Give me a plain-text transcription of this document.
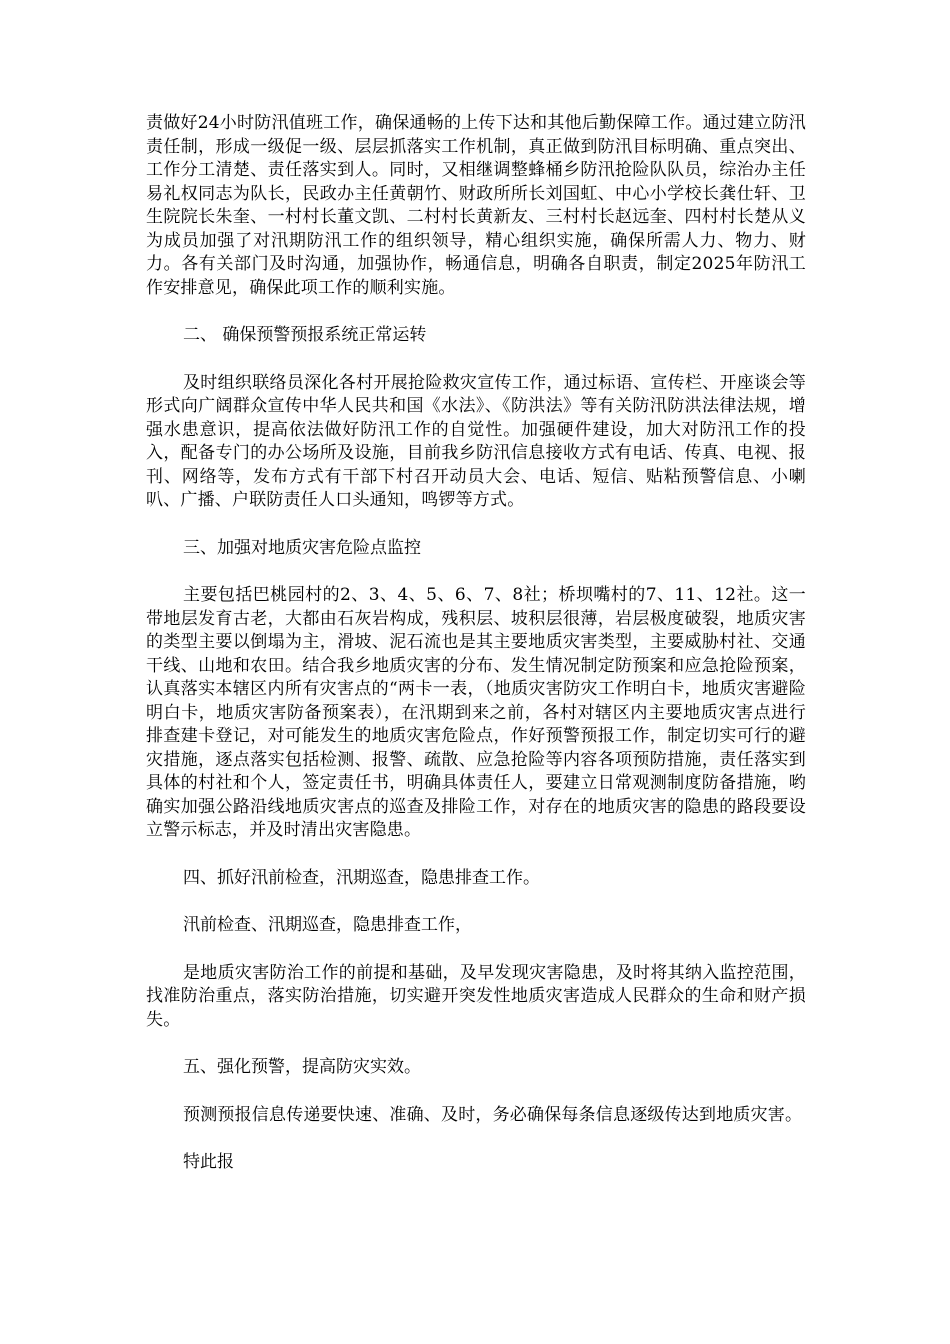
责做好24小时防汛值班工作，确保通畅的上传下达和其他后勤保障工作。通过建立防汛责任制，形成一级促一级、层层抓落实工作机制，真正做到防汛目标明确、重点突出、工作分工清楚、责任落实到人。同时，又相继调整蜂桶乡防汛抢险队队员，综治办主任易礼权同志为队长，民政办主任黄朝竹、财政所所长刘国虹、中心小学校长龚仕轩、卫生院院长朱奎、一村村长董文凯、二村村长黄新友、三村村长赵远奎、四村村长楚从义为成员加强了对汛期防汛工作的组织领导，精心组织实施，确保所需人力、物力、财力。各有关部门及时沟通，加强协作，畅通信息，明确各自职责，制定2025年防汛工作安排意见，确保此项工作的顺利实施。

二、 确保预警预报系统正常运转

及时组织联络员深化各村开展抢险救灾宣传工作，通过标语、宣传栏、开座谈会等形式向广阔群众宣传中华人民共和国《水法》、《防洪法》等有关防汛防洪法律法规，增强水患意识，提高依法做好防汛工作的自觉性。加强硬件建设，加大对防汛工作的投入，配备专门的办公场所及设施，目前我乡防汛信息接收方式有电话、传真、电视、报刊、网络等，发布方式有干部下村召开动员大会、电话、短信、贴粘预警信息、小喇叭、广播、户联防责任人口头通知，鸣锣等方式。

三、加强对地质灾害危险点监控

主要包括巴桃园村的2、3、4、5、6、7、8社；桥坝嘴村的7、11、12社。这一带地层发育古老，大都由石灰岩构成，残积层、坡积层很薄，岩层极度破裂，地质灾害的类型主要以倒塌为主，滑坡、泥石流也是其主要地质灾害类型，主要威胁村社、交通干线、山地和农田。结合我乡地质灾害的分布、发生情况制定防预案和应急抢险预案，认真落实本辖区内所有灾害点的“两卡一表，（地质灾害防灾工作明白卡，地质灾害避险明白卡，地质灾害防备预案表），在汛期到来之前，各村对辖区内主要地质灾害点进行排查建卡登记，对可能发生的地质灾害危险点，作好预警预报工作，制定切实可行的避灾措施，逐点落实包括检测、报警、疏散、应急抢险等内容各项预防措施，责任落实到具体的村社和个人，签定责任书，明确具体责任人，要建立日常观测制度防备措施，哟确实加强公路沿线地质灾害点的巡查及排险工作，对存在的地质灾害的隐患的路段要设立警示标志，并及时清出灾害隐患。

四、抓好汛前检查，汛期巡查，隐患排查工作。

汛前检查、汛期巡查，隐患排查工作，

是地质灾害防治工作的前提和基础，及早发现灾害隐患，及时将其纳入监控范围，找准防治重点，落实防治措施，切实避开突发性地质灾害造成人民群众的生命和财产损失。

五、强化预警，提高防灾实效。

预测预报信息传递要快速、准确、及时，务必确保每条信息逐级传达到地质灾害。

特此报
